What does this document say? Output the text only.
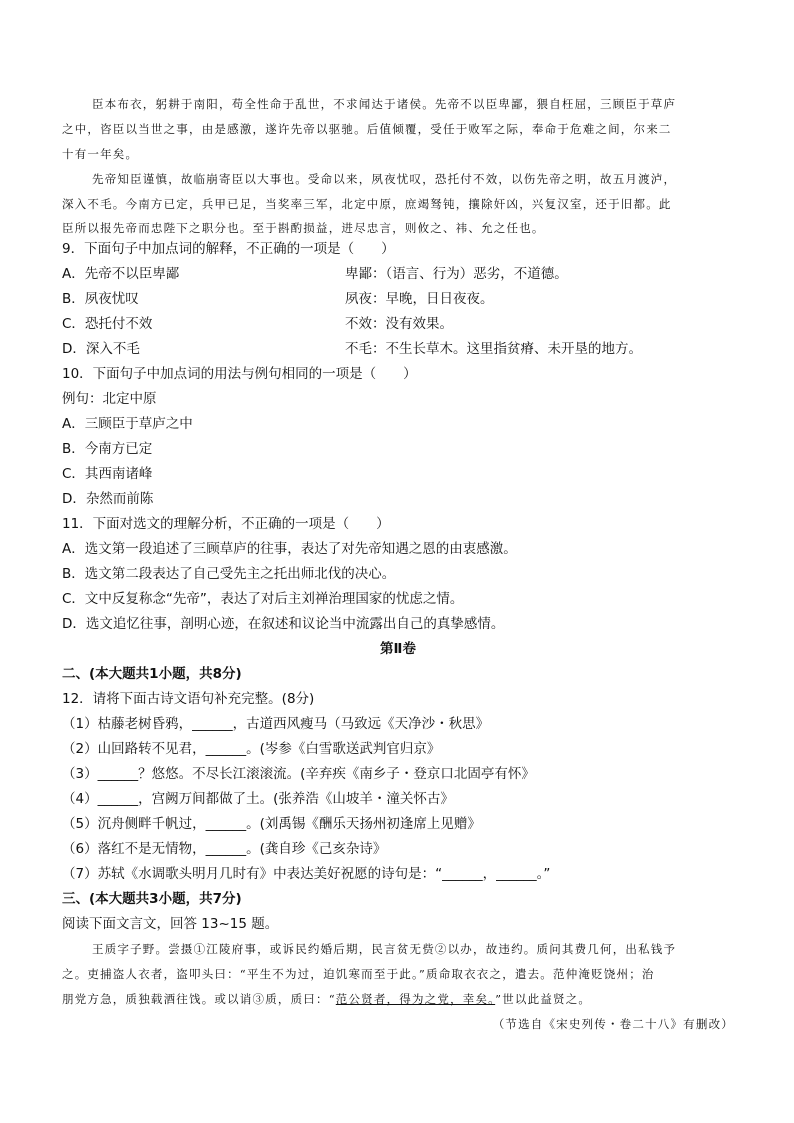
臣本布衣，躬耕于南阳，苟全性命于乱世，不求闻达于诸侯。先帝不以臣卑鄙，猥自枉屈，三顾臣于草庐
之中，咨臣以当世之事，由是感激，遂许先帝以驱驰。后值倾覆，受任于败军之际，奉命于危难之间，尔来二
十有一年矣。
先帝知臣谨慎，故临崩寄臣以大事也。受命以来，夙夜忧叹，恐托付不效，以伤先帝之明，故五月渡泸，
深入不毛。今南方已定，兵甲已足，当奖率三军，北定中原，庶竭驽钝，攘除奸凶，兴复汉室，还于旧都。此
臣所以报先帝而忠陛下之职分也。至于斟酌损益，进尽忠言，则攸之、祎、允之任也。
9．下面句子中加点词的解释，不正确的一项是（　　）
A．先帝不以臣卑鄙	卑鄙：（语言、行为）恶劣，不道德。
B．夙夜忧叹	夙夜：早晚，日日夜夜。
C．恐托付不效	不效：没有效果。
D．深入不毛	不毛：不生长草木。这里指贫瘠、未开垦的地方。
10．下面句子中加点词的用法与例句相同的一项是（　　）
例句：北定中原
A．三顾臣于草庐之中
B．今南方已定
C．其西南诸峰
D．杂然而前陈
11．下面对选文的理解分析，不正确的一项是（　　）
A．选文第一段追述了三顾草庐的往事，表达了对先帝知遇之恩的由衷感激。
B．选文第二段表达了自己受先主之托出师北伐的决心。
C．文中反复称念“先帝”，表达了对后主刘禅治理国家的忧虑之情。
D．选文追忆往事，剖明心迹，在叙述和议论当中流露出自己的真挚感情。
第Ⅱ卷
二、(本大题共1小题，共8分)
12．请将下面古诗文语句补充完整。(8分)
（1）枯藤老树昏鸦，______，古道西风瘦马（马致远《天净沙・秋思》
（2）山回路转不见君，______。(岑参《白雪歌送武判官归京》
（3）______？悠悠。不尽长江滚滚流。(辛弃疾《南乡子・登京口北固亭有怀》
（4）______，宫阙万间都做了土。(张养浩《山坡羊・潼关怀古》
（5）沉舟侧畔千帆过，______。(刘禹锡《酬乐天扬州初逢席上见赠》
（6）落红不是无情物，______。(龚自珍《己亥杂诗》
（7）苏轼《水调歌头明月几时有》中表达美好祝愿的诗句是：“______，______。”
三、(本大题共3小题，共7分)
阅读下面文言文，回答 13~15 题。
王质字子野。尝摄①江陵府事，或诉民约婚后期，民言贫无赀②以办，故违约。质问其费几何，出私钱予
之。吏捕盗人衣者，盗叩头曰：“平生不为过，迫饥寒而至于此。”质命取衣衣之，遣去。范仲淹贬饶州；治
朋党方急，质独载酒往饯。或以诮③质，质曰：“范公贤者，得为之党，幸矣。”世以此益贤之。
（节选自《宋史列传・卷二十八》有删改）
